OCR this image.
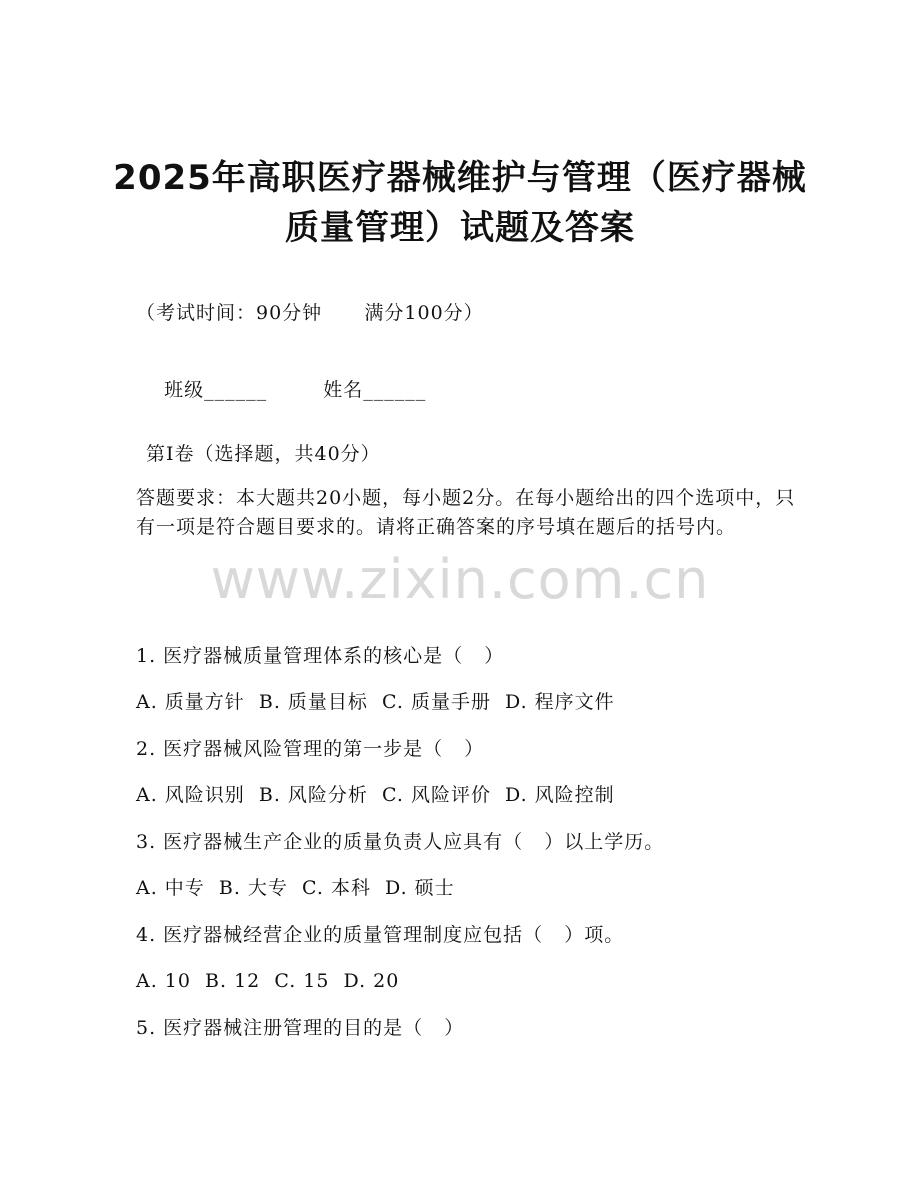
2025年高职医疗器械维护与管理（医疗器械
质量管理）试题及答案
（考试时间：90分钟      满分100分）

班级______	姓名______

第Ⅰ卷（选择题，共40分）
答题要求：本大题共20小题，每小题2分。在每小题给出的四个选项中，只有一项是符合题目要求的。请将正确答案的序号填在题后的括号内。
www.zixin.com.cn
1. 医疗器械质量管理体系的核心是（   ）
A. 质量方针  B. 质量目标  C. 质量手册  D. 程序文件
2. 医疗器械风险管理的第一步是（   ）
A. 风险识别  B. 风险分析  C. 风险评价  D. 风险控制
3. 医疗器械生产企业的质量负责人应具有（   ）以上学历。
A. 中专  B. 大专  C. 本科  D. 硕士
4. 医疗器械经营企业的质量管理制度应包括（   ）项。
A. 10  B. 12  C. 15  D. 20
5. 医疗器械注册管理的目的是（   ）
